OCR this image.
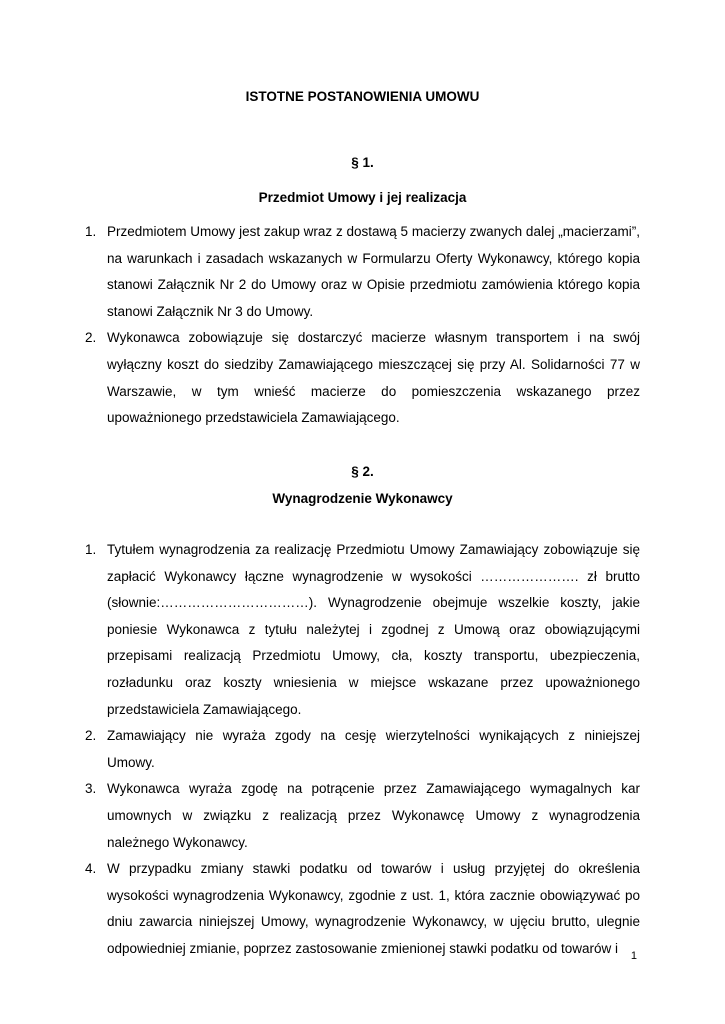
ISTOTNE POSTANOWIENIA UMOWU
§ 1.
Przedmiot Umowy i jej realizacja
1. Przedmiotem Umowy jest zakup wraz z dostawą 5 macierzy zwanych dalej „macierzami”, na warunkach i zasadach wskazanych w Formularzu Oferty Wykonawcy, którego kopia stanowi Załącznik Nr 2 do Umowy oraz w Opisie przedmiotu zamówienia którego kopia stanowi Załącznik Nr 3 do Umowy.
2. Wykonawca zobowiązuje się dostarczyć macierze własnym transportem i na swój wyłączny koszt do siedziby Zamawiającego mieszczącej się przy Al. Solidarności 77 w Warszawie, w tym wnieść macierze do pomieszczenia wskazanego przez upoważnionego przedstawiciela Zamawiającego.
§ 2.
Wynagrodzenie Wykonawcy
1. Tytułem wynagrodzenia za realizację Przedmiotu Umowy Zamawiający zobowiązuje się zapłacić Wykonawcy łączne wynagrodzenie w wysokości …………………. zł brutto (słownie:……………………………). Wynagrodzenie obejmuje wszelkie koszty, jakie poniesie Wykonawca z tytułu należytej i zgodnej z Umową oraz obowiązującymi przepisami realizacją Przedmiotu Umowy, cła, koszty transportu, ubezpieczenia, rozładunku oraz koszty wniesienia w miejsce wskazane przez upoważnionego przedstawiciela Zamawiającego.
2. Zamawiający nie wyraża zgody na cesję wierzytelności wynikających z niniejszej Umowy.
3. Wykonawca wyraża zgodę na potrącenie przez Zamawiającego wymagalnych kar umownych w związku z realizacją przez Wykonawcę Umowy z wynagrodzenia należnego Wykonawcy.
4. W przypadku zmiany stawki podatku od towarów i usług przyjętej do określenia wysokości wynagrodzenia Wykonawcy, zgodnie z ust. 1, która zacznie obowiązywać po dniu zawarcia niniejszej Umowy, wynagrodzenie Wykonawcy, w ujęciu brutto, ulegnie odpowiedniej zmianie, poprzez zastosowanie zmienionej stawki podatku od towarów i
1
